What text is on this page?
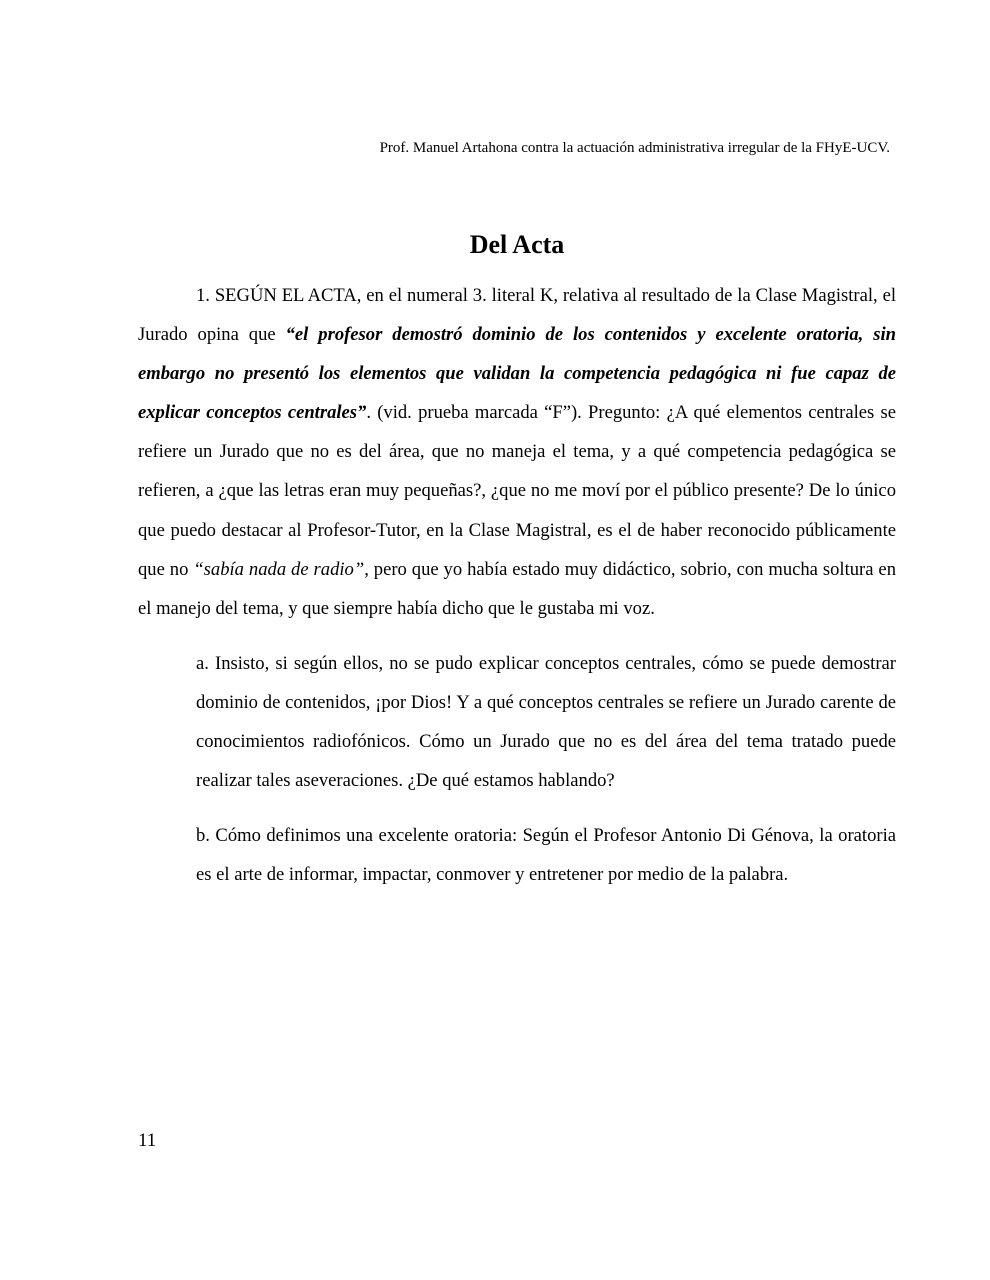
Prof. Manuel Artahona contra la actuación administrativa irregular de la FHyE-UCV.
Del Acta

1. SEGÚN EL ACTA, en el numeral 3. literal K, relativa al resultado de la Clase Magistral, el Jurado opina que “el profesor demostró dominio de los contenidos y excelente oratoria, sin embargo no presentó los elementos que validan la competencia pedagógica ni fue capaz de explicar conceptos centrales”. (vid. prueba marcada “F”). Pregunto: ¿A qué elementos centrales se refiere un Jurado que no es del área, que no maneja el tema, y a qué competencia pedagógica se refieren, a ¿que las letras eran muy pequeñas?, ¿que no me moví por el público presente? De lo único que puedo destacar al Profesor-Tutor, en la Clase Magistral, es el de haber reconocido públicamente que no “sabía nada de radio”, pero que yo había estado muy didáctico, sobrio, con mucha soltura en el manejo del tema, y que siempre había dicho que le gustaba mi voz.

a. Insisto, si según ellos, no se pudo explicar conceptos centrales, cómo se puede demostrar dominio de contenidos, ¡por Dios! Y a qué conceptos centrales se refiere un Jurado carente de conocimientos radiofónicos. Cómo un Jurado que no es del área del tema tratado puede realizar tales aseveraciones. ¿De qué estamos hablando?

b. Cómo definimos una excelente oratoria: Según el Profesor Antonio Di Génova, la oratoria es el arte de informar, impactar, conmover y entretener por medio de la palabra.

11
